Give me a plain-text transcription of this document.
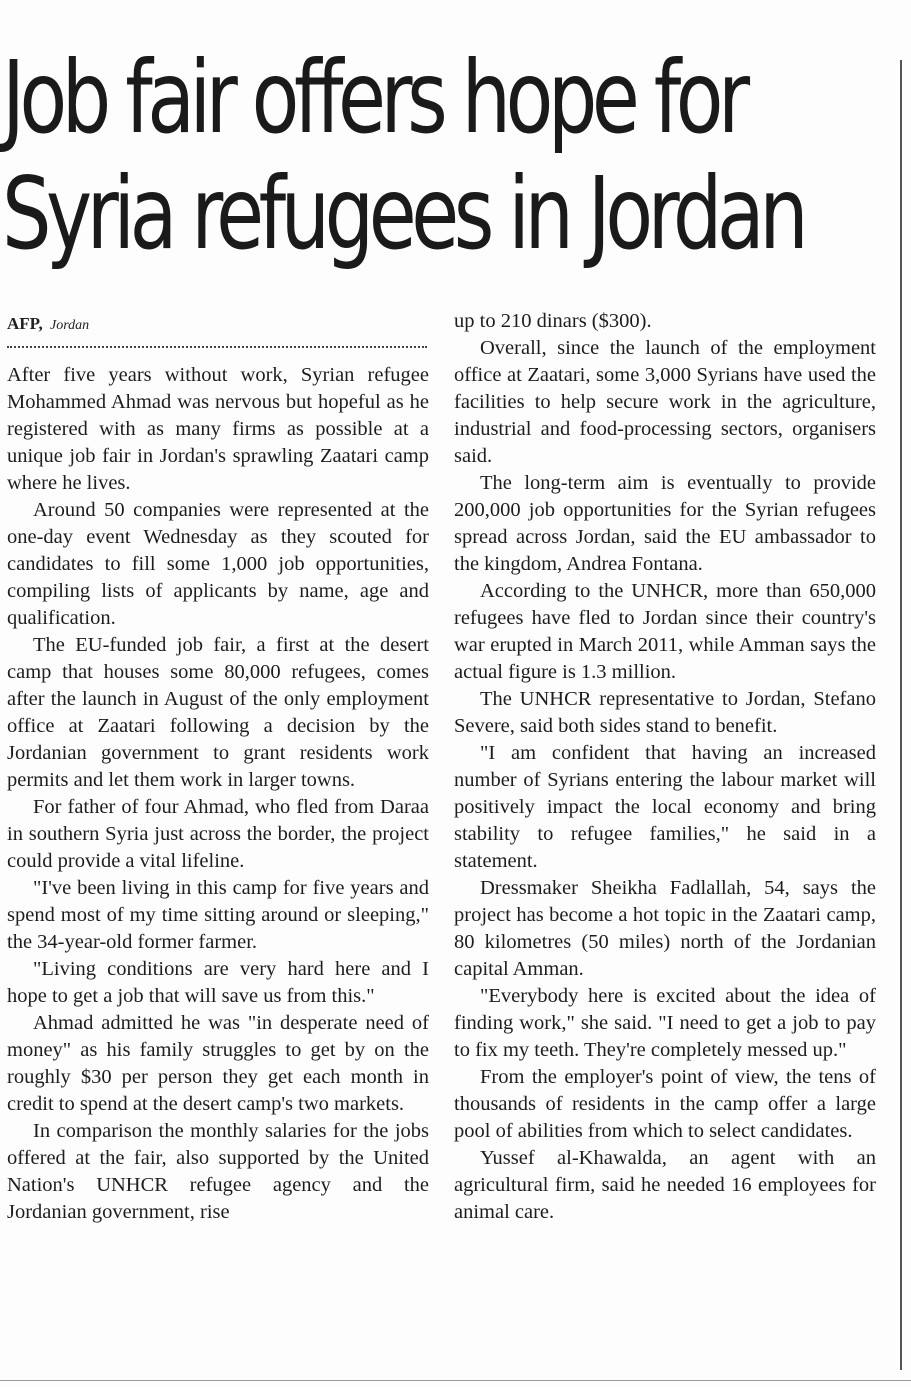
Job fair offers hope for
Syria refugees in Jordan
AFP, Jordan

After five years without work, Syrian refugee Mohammed Ahmad was nervous but hopeful as he registered with as many firms as possible at a unique job fair in Jordan's sprawling Zaatari camp where he lives.

Around 50 companies were represented at the one-day event Wednesday as they scouted for candidates to fill some 1,000 job opportunities, compiling lists of applicants by name, age and qualification.

The EU-funded job fair, a first at the desert camp that houses some 80,000 refugees, comes after the launch in August of the only employment office at Zaatari following a decision by the Jordanian government to grant residents work permits and let them work in larger towns.

For father of four Ahmad, who fled from Daraa in southern Syria just across the border, the project could provide a vital lifeline.

"I've been living in this camp for five years and spend most of my time sitting around or sleeping," the 34-year-old former farmer.

"Living conditions are very hard here and I hope to get a job that will save us from this."

Ahmad admitted he was "in desperate need of money" as his family struggles to get by on the roughly $30 per person they get each month in credit to spend at the desert camp's two markets.

In comparison the monthly salaries for the jobs offered at the fair, also supported by the United Nation's UNHCR refugee agency and the Jordanian government, rise

up to 210 dinars ($300).

Overall, since the launch of the employment office at Zaatari, some 3,000 Syrians have used the facilities to help secure work in the agriculture, industrial and food-processing sectors, organisers said.

The long-term aim is eventually to provide 200,000 job opportunities for the Syrian refugees spread across Jordan, said the EU ambassador to the kingdom, Andrea Fontana.

According to the UNHCR, more than 650,000 refugees have fled to Jordan since their country's war erupted in March 2011, while Amman says the actual figure is 1.3 million.

The UNHCR representative to Jordan, Stefano Severe, said both sides stand to benefit.

"I am confident that having an increased number of Syrians entering the labour market will positively impact the local economy and bring stability to refugee families," he said in a statement.

Dressmaker Sheikha Fadlallah, 54, says the project has become a hot topic in the Zaatari camp, 80 kilometres (50 miles) north of the Jordanian capital Amman.

"Everybody here is excited about the idea of finding work," she said. "I need to get a job to pay to fix my teeth. They're completely messed up."

From the employer's point of view, the tens of thousands of residents in the camp offer a large pool of abilities from which to select candidates.

Yussef al-Khawalda, an agent with an agricultural firm, said he needed 16 employees for animal care.
